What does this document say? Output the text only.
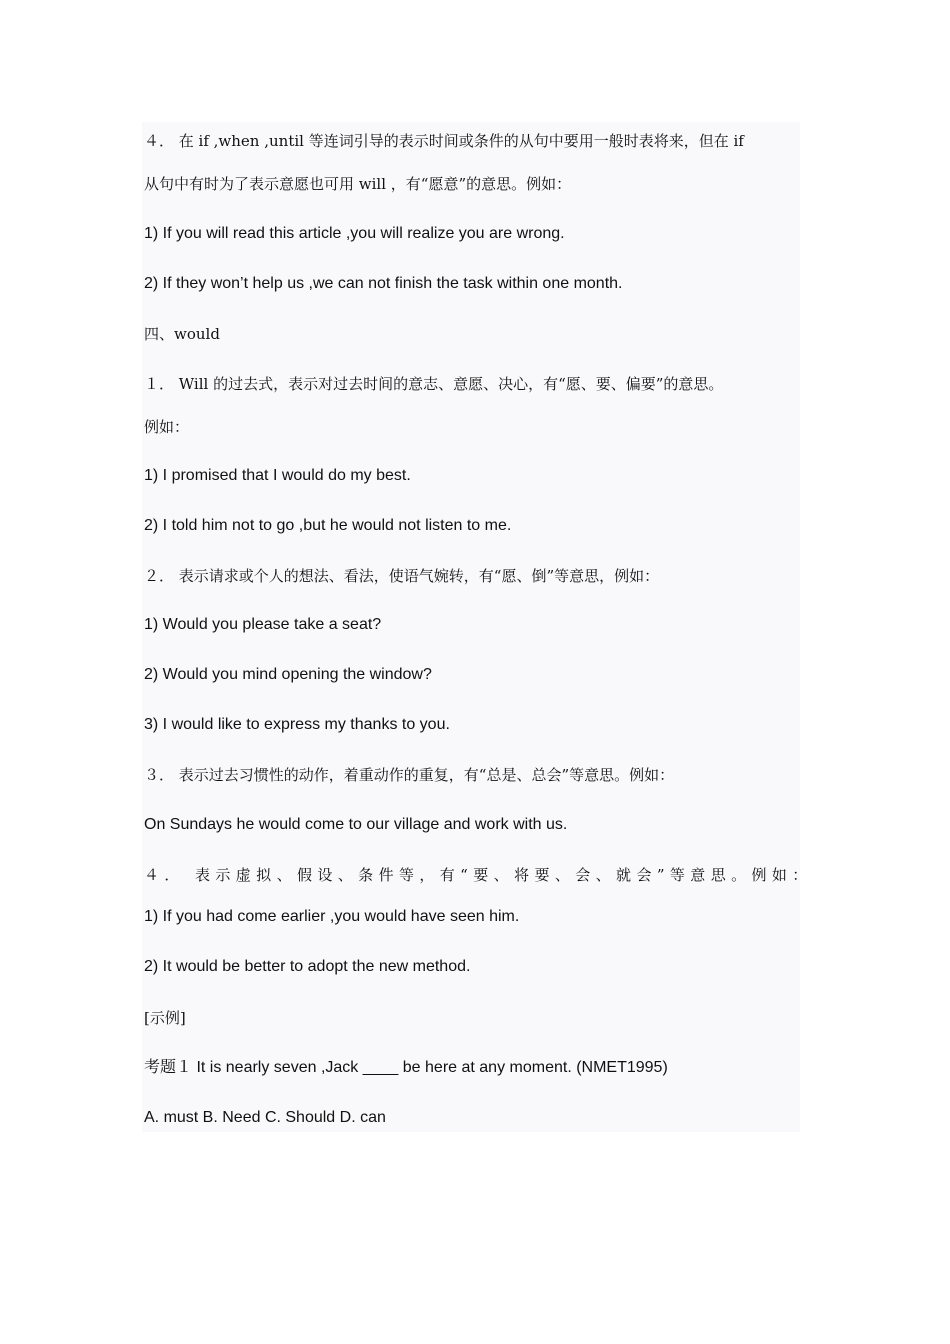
４． 在 if ,when ,until 等连词引导的表示时间或条件的从句中要用一般时表将来，但在 if
从句中有时为了表示意愿也可用 will ，有“愿意”的意思。例如：
1) If you will read this article ,you will realize you are wrong.
2) If they won’t help us ,we can not finish the task within one month.
四、would
１． Will 的过去式，表示对过去时间的意志、意愿、决心，有“愿、要、偏要”的意思。
例如：
1) I promised that I would do my best.
2) I told him not to go ,but he would not listen to me.
２． 表示请求或个人的想法、看法，使语气婉转，有“愿、倒”等意思，例如：
1) Would you please take a seat?
2) Would you mind opening the window?
3) I would like to express my thanks to you.
３． 表示过去习惯性的动作，着重动作的重复，有“总是、总会”等意思。例如：
On Sundays he would come to our village and work with us.
４． 表示虚拟、假设、条件等，有“要、将要、会、就会”等意思。例如：
1) If you had come earlier ,you would have seen him.
2) It would be better to adopt the new method.
[示例]
考题１ It is nearly seven ,Jack ____ be here at any moment. (NMET1995)
A. must B. Need C. Should D. can
